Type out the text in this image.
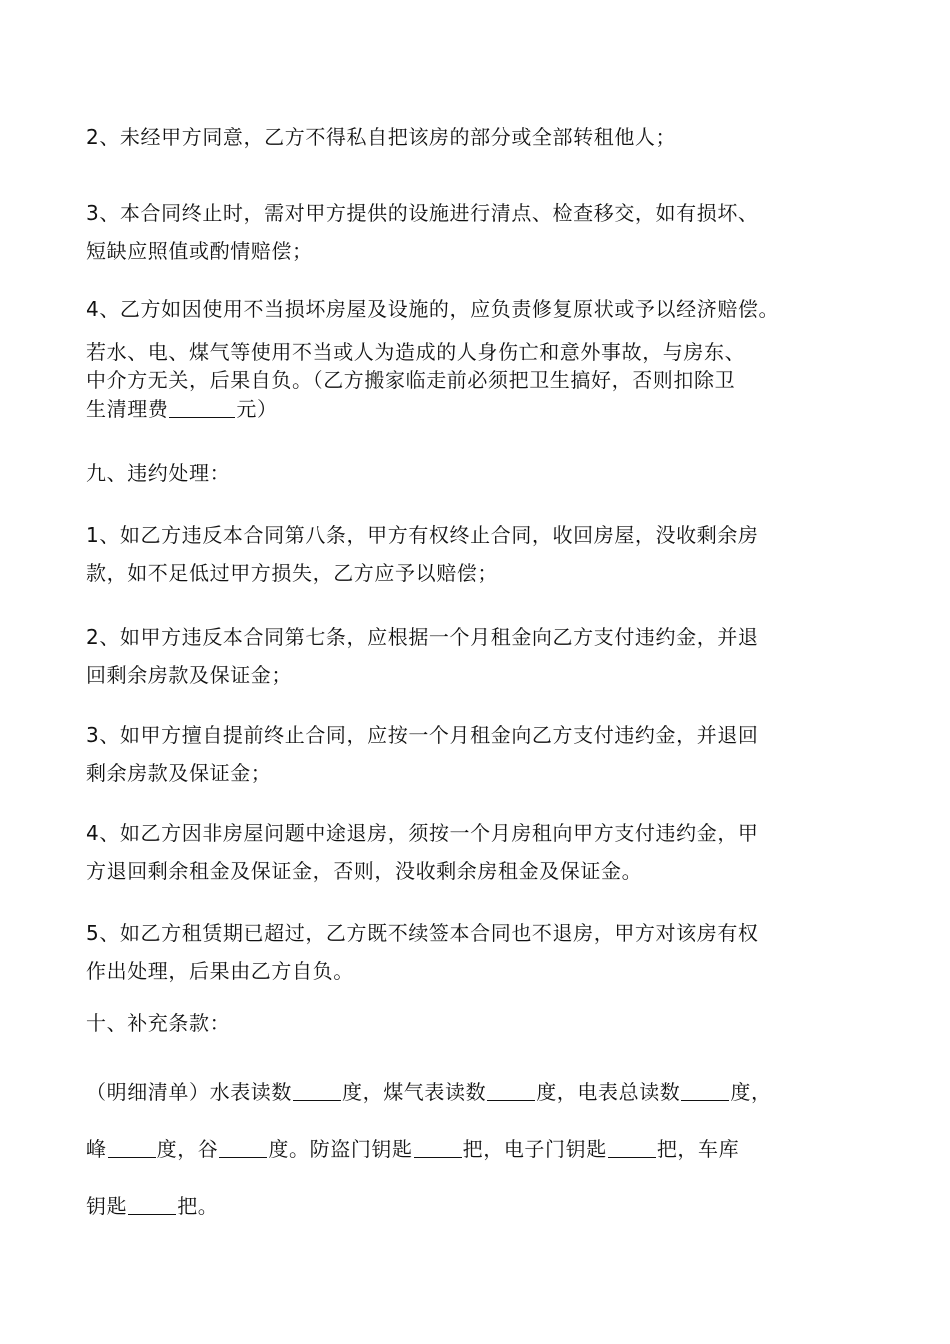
2、未经甲方同意，乙方不得私自把该房的部分或全部转租他人；

3、本合同终止时，需对甲方提供的设施进行清点、检查移交，如有损坏、
短缺应照值或酌情赔偿；

4、乙方如因使用不当损坏房屋及设施的，应负责修复原状或予以经济赔偿。

若水、电、煤气等使用不当或人为造成的人身伤亡和意外事故，与房东、
中介方无关，后果自负。（乙方搬家临走前必须把卫生搞好，否则扣除卫

生清理费	元）

九、违约处理：

1、如乙方违反本合同第八条，甲方有权终止合同，收回房屋，没收剩余房
款，如不足低过甲方损失，乙方应予以赔偿；

2、如甲方违反本合同第七条，应根据一个月租金向乙方支付违约金，并退
回剩余房款及保证金；

3、如甲方擅自提前终止合同，应按一个月租金向乙方支付违约金，并退回
剩余房款及保证金；

4、如乙方因非房屋问题中途退房，须按一个月房租向甲方支付违约金，甲
方退回剩余租金及保证金，否则，没收剩余房租金及保证金。

5、如乙方租赁期已超过，乙方既不续签本合同也不退房，甲方对该房有权
作出处理，后果由乙方自负。

十、补充条款：

（明细清单）水表读数	度，煤气表读数	度，电表总读数	度，
峰	度，谷	度。防盗门钥匙	把，电子门钥匙	把，车库
钥匙	把。
